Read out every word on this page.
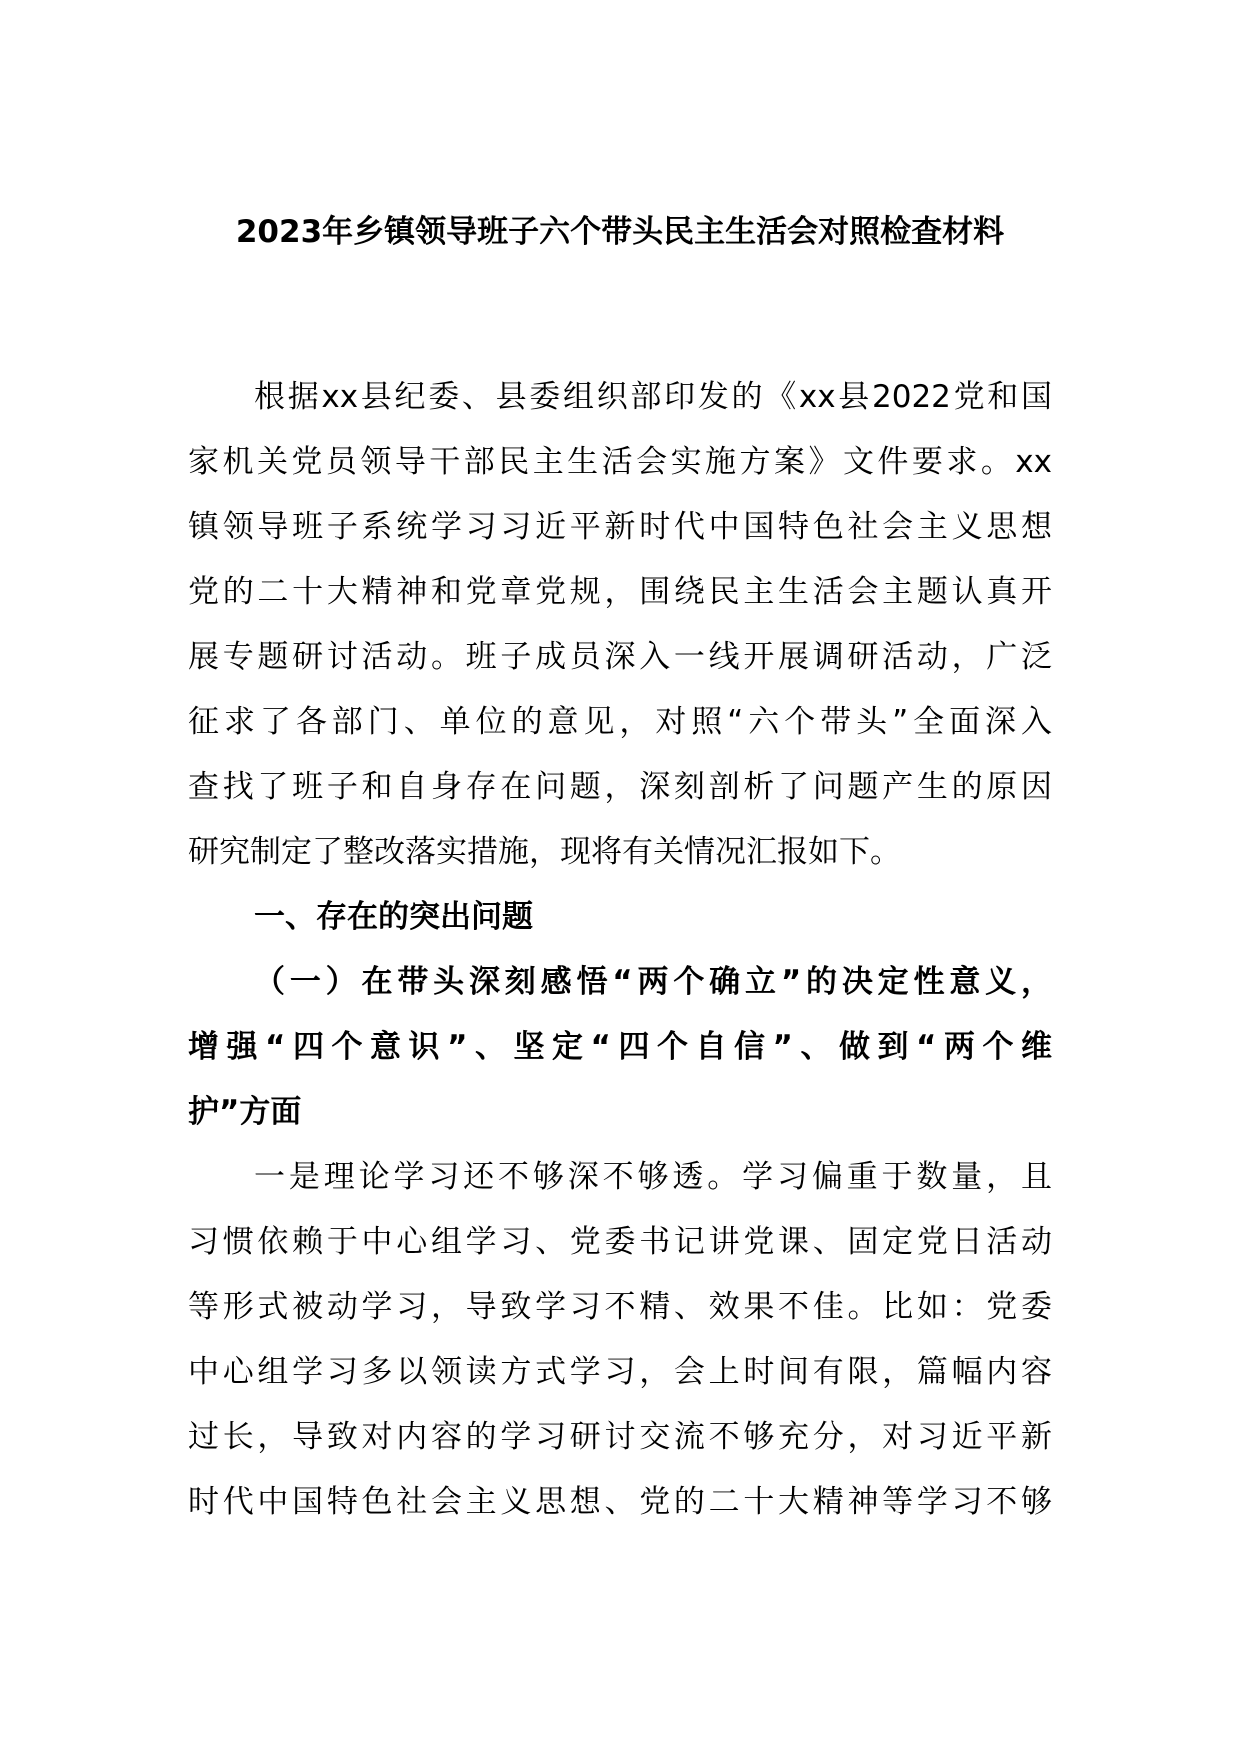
2023年乡镇领导班子六个带头民主生活会对照检查材料
根据xx县纪委、县委组织部印发的《xx县2022党和国
家机关党员领导干部民主生活会实施方案》文件要求。xx
镇领导班子系统学习习近平新时代中国特色社会主义思想
党的二十大精神和党章党规，围绕民主生活会主题认真开
展专题研讨活动。班子成员深入一线开展调研活动，广泛
征求了各部门、单位的意见，对照“六个带头”全面深入
查找了班子和自身存在问题，深刻剖析了问题产生的原因
研究制定了整改落实措施，现将有关情况汇报如下。
一、存在的突出问题
（一）在带头深刻感悟“两个确立”的决定性意义，
增强“四个意识”、坚定“四个自信”、做到“两个维
护”方面
一是理论学习还不够深不够透。学习偏重于数量，且
习惯依赖于中心组学习、党委书记讲党课、固定党日活动
等形式被动学习，导致学习不精、效果不佳。比如：党委
中心组学习多以领读方式学习，会上时间有限，篇幅内容
过长，导致对内容的学习研讨交流不够充分，对习近平新
时代中国特色社会主义思想、党的二十大精神等学习不够
